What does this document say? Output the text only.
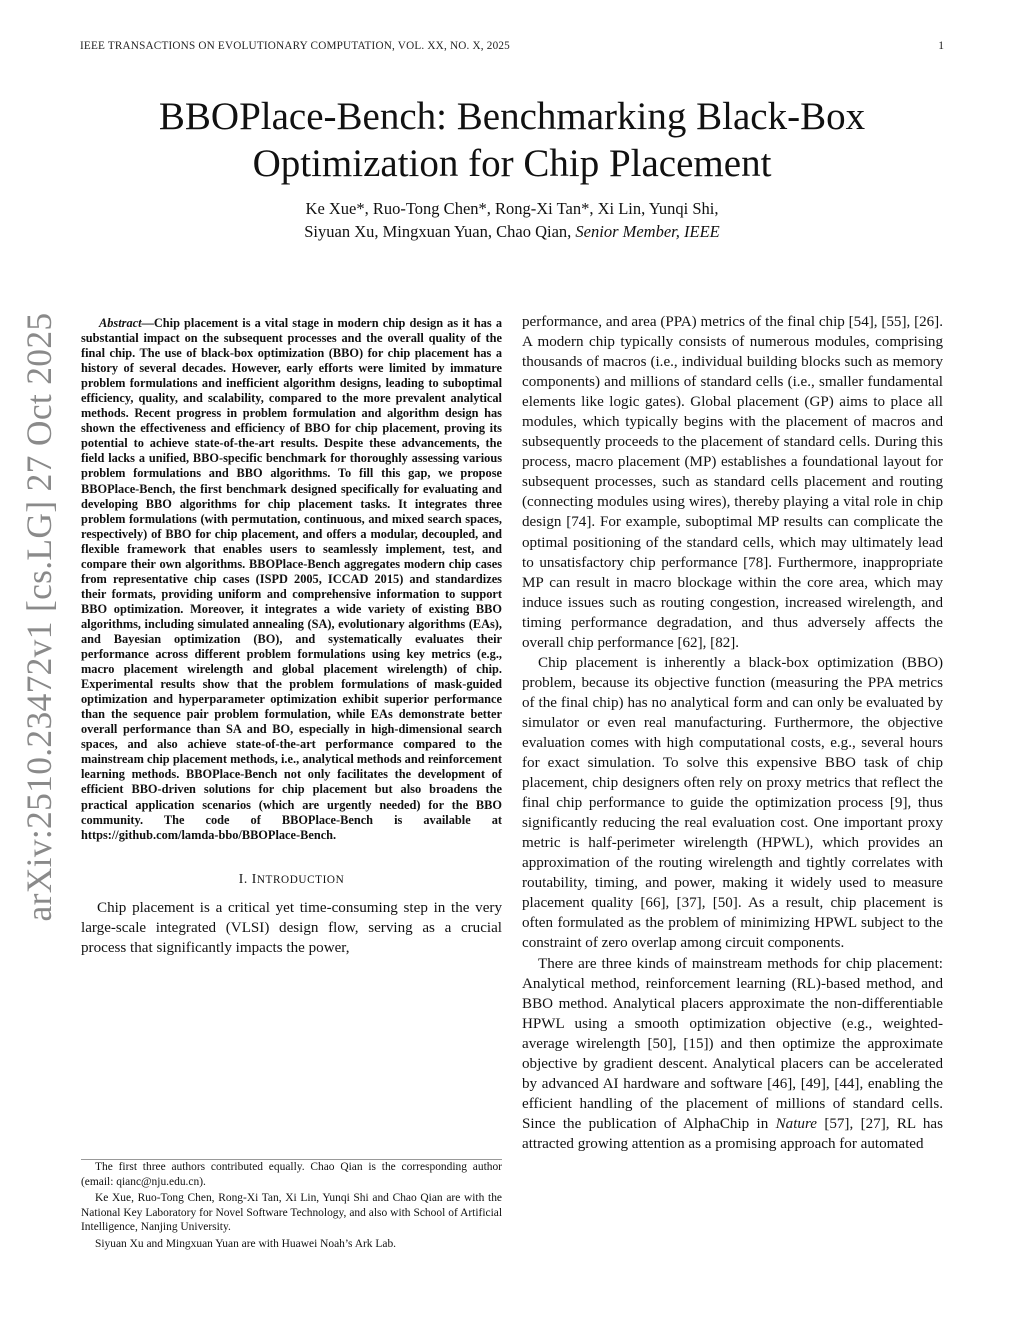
IEEE TRANSACTIONS ON EVOLUTIONARY COMPUTATION, VOL. XX, NO. X, 2025	1
arXiv:2510.23472v1 [cs.LG] 27 Oct 2025
BBOPlace-Bench: Benchmarking Black-Box
Optimization for Chip Placement
Ke Xue*, Ruo-Tong Chen*, Rong-Xi Tan*, Xi Lin, Yunqi Shi,
Siyuan Xu, Mingxuan Yuan, Chao Qian, Senior Member, IEEE

Abstract—Chip placement is a vital stage in modern chip design as it has a substantial impact on the subsequent processes and the overall quality of the final chip. The use of black-box optimization (BBO) for chip placement has a history of several decades. However, early efforts were limited by immature problem formulations and inefficient algorithm designs, leading to suboptimal efficiency, quality, and scalability, compared to the more prevalent analytical methods. Recent progress in problem formulation and algorithm design has shown the effectiveness and efficiency of BBO for chip placement, proving its potential to achieve state-of-the-art results. Despite these advancements, the field lacks a unified, BBO-specific benchmark for thoroughly assessing various problem formulations and BBO algorithms. To fill this gap, we propose BBOPlace-Bench, the first benchmark designed specifically for evaluating and developing BBO algorithms for chip placement tasks. It integrates three problem formulations (with permutation, continuous, and mixed search spaces, respectively) of BBO for chip placement, and offers a modular, decoupled, and flexible framework that enables users to seamlessly implement, test, and compare their own algorithms. BBOPlace-Bench aggregates modern chip cases from representative chip cases (ISPD 2005, ICCAD 2015) and standardizes their formats, providing uniform and comprehensive information to support BBO optimization. Moreover, it integrates a wide variety of existing BBO algorithms, including simulated annealing (SA), evolutionary algorithms (EAs), and Bayesian optimization (BO), and systematically evaluates their performance across different problem formulations using key metrics (e.g., macro placement wirelength and global placement wirelength) of chip. Experimental results show that the problem formulations of mask-guided optimization and hyperparameter optimization exhibit superior performance than the sequence pair problem formulation, while EAs demonstrate better overall performance than SA and BO, especially in high-dimensional search spaces, and also achieve state-of-the-art performance compared to the mainstream chip placement methods, i.e., analytical methods and reinforcement learning methods. BBOPlace-Bench not only facilitates the development of efficient BBO-driven solutions for chip placement but also broadens the practical application scenarios (which are urgently needed) for the BBO community. The code of BBOPlace-Bench is available at https://github.com/lamda-bbo/BBOPlace-Bench.

I. INTRODUCTION

Chip placement is a critical yet time-consuming step in the very large-scale integrated (VLSI) design flow, serving as a crucial process that significantly impacts the power,

The first three authors contributed equally. Chao Qian is the corresponding author (email: qianc@nju.edu.cn).

Ke Xue, Ruo-Tong Chen, Rong-Xi Tan, Xi Lin, Yunqi Shi and Chao Qian are with the National Key Laboratory for Novel Software Technology, and also with School of Artificial Intelligence, Nanjing University.

Siyuan Xu and Mingxuan Yuan are with Huawei Noah’s Ark Lab.

performance, and area (PPA) metrics of the final chip [54], [55], [26]. A modern chip typically consists of numerous modules, comprising thousands of macros (i.e., individual building blocks such as memory components) and millions of standard cells (i.e., smaller fundamental elements like logic gates). Global placement (GP) aims to place all modules, which typically begins with the placement of macros and subsequently proceeds to the placement of standard cells. During this process, macro placement (MP) establishes a foundational layout for subsequent processes, such as standard cells placement and routing (connecting modules using wires), thereby playing a vital role in chip design [74]. For example, suboptimal MP results can complicate the optimal positioning of the standard cells, which may ultimately lead to unsatisfactory chip performance [78]. Furthermore, inappropriate MP can result in macro blockage within the core area, which may induce issues such as routing congestion, increased wirelength, and timing performance degradation, and thus adversely affects the overall chip performance [62], [82].

Chip placement is inherently a black-box optimization (BBO) problem, because its objective function (measuring the PPA metrics of the final chip) has no analytical form and can only be evaluated by simulator or even real manufacturing. Furthermore, the objective evaluation comes with high computational costs, e.g., several hours for exact simulation. To solve this expensive BBO task of chip placement, chip designers often rely on proxy metrics that reflect the final chip performance to guide the optimization process [9], thus significantly reducing the real evaluation cost. One important proxy metric is half-perimeter wirelength (HPWL), which provides an approximation of the routing wirelength and tightly correlates with routability, timing, and power, making it widely used to measure placement quality [66], [37], [50]. As a result, chip placement is often formulated as the problem of minimizing HPWL subject to the constraint of zero overlap among circuit components.

There are three kinds of mainstream methods for chip placement: Analytical method, reinforcement learning (RL)-based method, and BBO method. Analytical placers approximate the non-differentiable HPWL using a smooth optimization objective (e.g., weighted-average wirelength [50], [15]) and then optimize the approximate objective by gradient descent. Analytical placers can be accelerated by advanced AI hardware and software [46], [49], [44], enabling the efficient handling of the placement of millions of standard cells. Since the publication of AlphaChip in Nature [57], [27], RL has attracted growing attention as a promising approach for automated
